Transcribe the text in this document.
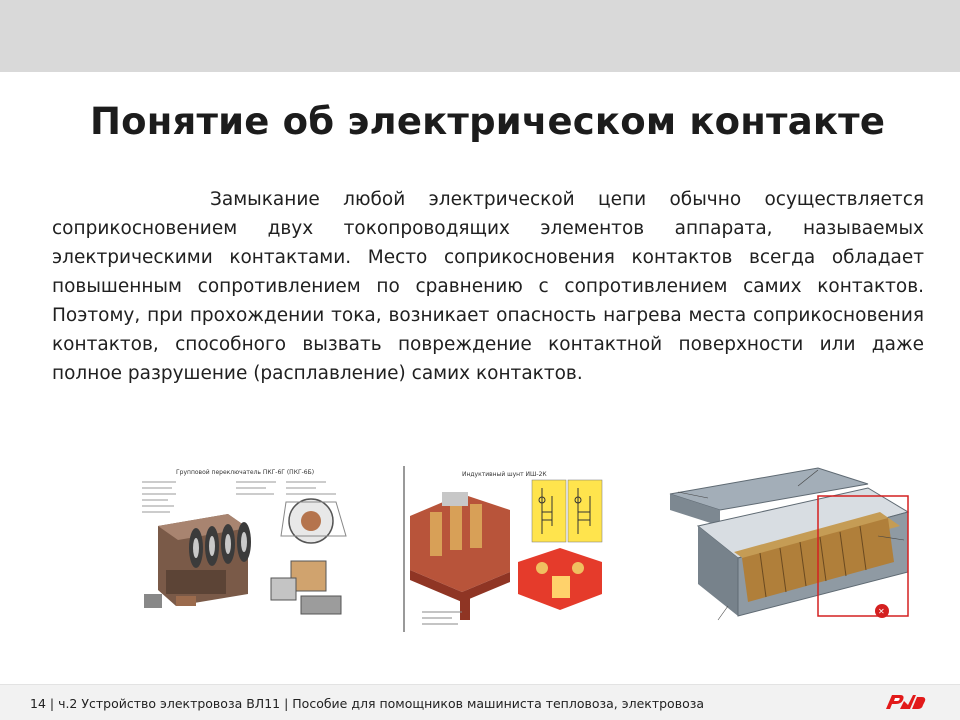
Понятие об электрическом контакте

Замыкание любой электрической цепи обычно осуществляется соприкосновением двух токопроводящих элементов аппарата, называемых электрическими контактами. Место соприкосновения контактов всегда обладает повышенным сопротивлением по сравнению с сопротивлением самих контактов. Поэтому, при прохождении тока, возникает опасность нагрева места соприкосновения контактов, способного вызвать повреждение контактной поверхности или даже полное разрушение (расплавление) самих контактов.

Групповой переключатель ПКГ-6Г (ПКГ-6Б)	Индуктивный шунт ИШ-2К
✕
14 | ч.2 Устройство электровоза ВЛ11 | Пособие для помощников машиниста тепловоза, электровоза
